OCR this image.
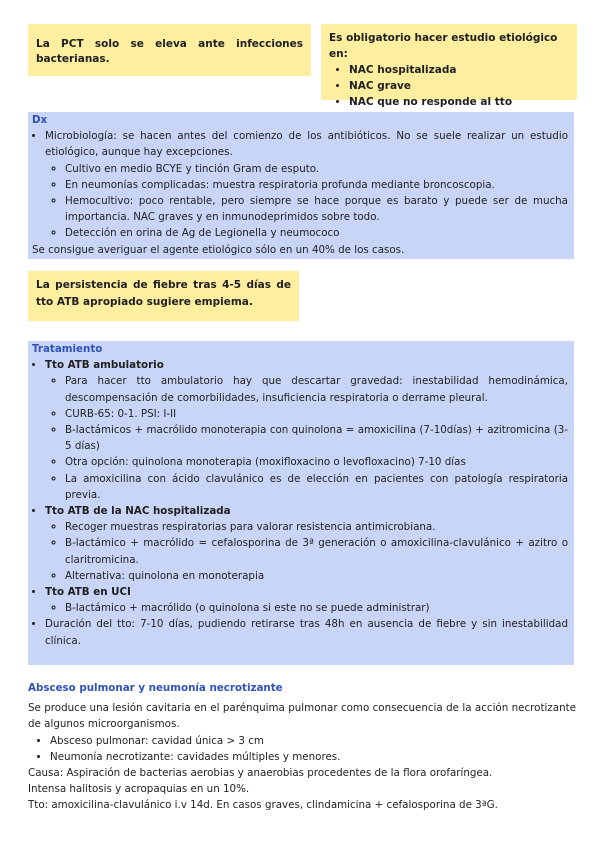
La PCT solo se eleva ante infecciones bacterianas.

Es obligatorio hacer estudio etiológico en:
• NAC hospitalizada
• NAC grave
• NAC que no responde al tto
Dx
• Microbiología: se hacen antes del comienzo de los antibióticos. No se suele realizar un estudio etiológico, aunque hay excepciones.
◦ Cultivo en medio BCYE y tinción Gram de esputo.
◦ En neumonías complicadas: muestra respiratoria profunda mediante broncoscopia.
◦ Hemocultivo: poco rentable, pero siempre se hace porque es barato y puede ser de mucha importancia. NAC graves y en inmunodeprimidos sobre todo.
◦ Detección en orina de Ag de Legionella y neumococo
Se consigue averiguar el agente etiológico sólo en un 40% de los casos.

La persistencia de fiebre tras 4-5 días de tto ATB apropiado sugiere empiema.

Tratamiento
• Tto ATB ambulatorio
◦ Para hacer tto ambulatorio hay que descartar gravedad: inestabilidad hemodinámica, descompensación de comorbilidades, insuficiencia respiratoria o derrame pleural.
◦ CURB-65: 0-1. PSI: I-II
◦ B-lactámicos + macrólido monoterapia con quinolona = amoxicilina (7-10días) + azitromicina (3-5 días)
◦ Otra opción: quinolona monoterapia (moxifloxacino o levofloxacino) 7-10 días
◦ La amoxicilina con ácido clavulánico es de elección en pacientes con patología respiratoria previa.
• Tto ATB de la NAC hospitalizada
◦ Recoger muestras respiratorias para valorar resistencia antimicrobiana.
◦ B-lactámico + macrólido = cefalosporina de 3ª generación o amoxicilina-clavulánico + azitro o claritromicina.
◦ Alternativa: quinolona en monoterapia
• Tto ATB en UCI
◦ B-lactámico + macrólido (o quinolona si este no se puede administrar)
• Duración del tto: 7-10 días, pudiendo retirarse tras 48h en ausencia de fiebre y sin inestabilidad clínica.
Absceso pulmonar y neumonía necrotizante
Se produce una lesión cavitaria en el parénquima pulmonar como consecuencia de la acción necrotizante de algunos microorganismos.
• Absceso pulmonar: cavidad única > 3 cm
• Neumonía necrotizante: cavidades múltiples y menores.
Causa: Aspiración de bacterias aerobias y anaerobias procedentes de la flora orofaríngea.
Intensa halitosis y acropaquias en un 10%.
Tto: amoxicilina-clavulánico i.v 14d. En casos graves, clindamicina + cefalosporina de 3ªG.
